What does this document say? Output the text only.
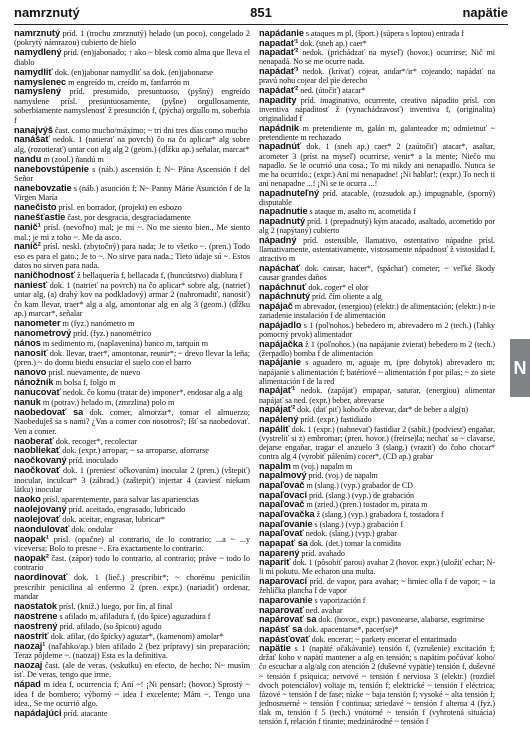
namrznutý	851	napätie

namrznutý príd. 1 (trochu zmrznutý) helado (un poco), congelado 2 (pokrytý námrazou) cubierto de hielo

namydlený príd. (en)jabonado; ↑ ako ~ blesk como alma que lleva el diablo

namydliť dok. (en)jabonar namydliť sa dok. (en)jabonarse

namyslenec m engreído m, creído m, fanfarrón m

namyslený príd. presumido, presuntuoso, (pyšný) engreído namyslene prísl. presuntuosamente, (pyšne) orgullosamente, soberbiamente namyslenosť ž presunción f, (pýcha) orgullo m, soberbia f

nanajvýš čast. como mucho/máximo; ~ tri dni tres días como mucho

nanášať nedok. 1 (natierať na povrch) čo na čo aplicar* alg sobre alg, (rozotierať) untar con alg alg 2 (geom.) (dĺžku ap.) señalar, marcar*

nandu m (zool.) ñandú m

nanebovstúpenie s (náb.) ascensión f; N~ Pána Ascensión f del Señor

nanebovzatie s (náb.) asunción f; N~ Panny Márie Asunción f de la Virgen María

nanečisto prísl. en borrador, (projekt) en esbozo

nanešťastie čast. por desgracia, desgraciadamente

nanič¹ prísl. (nevoľno) mal; je mi ~. No me siento bien., Me siento mal.; je mi z toho ~. Me da asco.

nanič² prísl. neskl. (zbytočný) para nada; Je to všetko ~. (pren.) Todo eso es para el gato.; Je to ~. No sirve para nada.; Tieto údaje sú ~. Estos datos no sirven para nada.

naničhodnosť ž bellaquería f, bellacada f, (huncútstvo) diablura f

naniesť dok. 1 (natrieť na povrch) na čo aplicar* sobre alg, (natrieť) untar alg, (a) drahý kov na podkladový) armar 2 (nahromadiť, nanosiť) čo kam llevar, traer* alg a alg, amontonar alg en alg 3 (geom.) (dĺžku ap.) marcar*, señalar

nanometer m (fyz.) nanómetro m

nanometrový príd. (fyz.) nanométrico

nános m sedimento m, (naplavenina) banco m, tarquín m

nanosiť dok. llevar, traer*, amontonar, reunir*; ~ drevo llevar la leña; (pren.) ~ do domu biedu ensuciar el suelo con el barro

nanovo prísl. nuevamente, de nuevo

nánožník m bolsa f, folgo m

nanucovať nedok. čo komu (tratar de) imponer*, endosar alg a alg

nanuk m (potrav.) helado m, (zmrzlina) polo m

naobedovať sa dok. comer, almorzar*, tomar el almuerzo; Naobeduješ sa s nami? ¿Vas a comer con nosotros?; Išť sa naobedovať. Ven a comer.

naoberať dok. recoger*, recolectar

naobliekať dok. (expr.) arropar; ~ sa arroparse, aforrarse

naočkovaný príd. inoculado

naočkovať dok. 1 (preniesť očkovaním) inocular 2 (pren.) (vštepiť) inocular, inculcar* 3 (záhrad.) (zaštepiť) injertar 4 (zaviesť niekam látku) inocular

naoko prísl. aparentemente, para salvar las apariencias

naolejovaný príd. aceitado, engrasado, lubricado

naolejovať dok. aceitar, engrasar, lubricar*

naondulovať dok. ondular

naopak¹ prísl. (opačne) al contrario, de lo contrario; ...a ~ ...y viceversa; Bolo to presne ~. Era exactamente lo contrario.

naopak² čast. (zápor) todo lo contrario, al contrario; práve ~ todo lo contrario

naordinovať dok. 1 (lieč.) prescribir*; ~ chorému penicilín prescribir penicilina al enfermo 2 (pren. expr.) (nariadiť) ordenar, mandar

naostatok prísl. (kniž.) luego, por fin, al final

naostrene s afilado m, afiladura f, (do špice) aguzadura f

naostrený príd. afilado, (so špicou) agudo

naostriť dok. afilar, (do špicky) aguzar*, (kamenom) amolar*

naozaj¹ (naľahko/ap.) bien afilado 2 (bez prípravy) sin preparación; Teraz pôjdeme ~. (naozaj) Esta es la definitiva.

naozaj čast. (ale de veras, (vskutku) en efecto, de hecho; N~ musím ísť. De veras, tengo que irme.

nápad m idea f, ocurrencia f; Aní ~! ¡Ni pensar!; (hovor.) Sprostý ~ idea f de bombero; výborný ~ idea f excelente; Mám ~. Tengo una idea., Se me ocurrió algo.

napádajúci príd. atacante

napádanie s ataques m pl, (šport.) (súpera s loptou) entrada f

napadať¹ dok. (sneh ap.) caer*

napadať² nedok. (prichádzať na myseľ) (hovor.) ocurrirse; Nič mi nenapadá. No se me ocurre nada.

napádať³ nedok. (krívať) cojear, andar*/ir* cojeando; napádať na pravú nohu cojear del pie derecho

napádať² ned. (útočiť) atacar*

napadíty príd. imaginativo, ocurrente, creativo nápadito prísl. con inventiva nápaditosť ž (vynachádzavosť) inventiva f, (originalita) originalidad f

napádnik m pretendiente m, galán m, galanteador m; odmietnuť ~ pretendiente m rechazado

napadnúť dok. 1 (sneh ap.) caer* 2 (zaútočiť) atacar*, asaltar, acometer 3 (príst na myseľ) ocurrirse, venir* a la mente; Niečo mu napadlo. Se le ocurrió una cosa.; To mi nikdy ani nenapadlo. Nunca se me ha ocurrido.; (expr.) Ani mi nenapadne! ¡Ni hablar!; (expr.) To nech ti ani nenapadne ...! ¡Ni se te ocurra ...!

napadnuteľný príd. atacable, (rozsudok ap.) impugnable, (sporný) disputable

napadnutie s ataque m, asalto m, acometida f

napadnutý príd. 1 (prepadnutý) kým atacado, asaltado, acometido por alg 2 (napýtaný) cubierto

nápadný príd. ostensible, llamativo, ostentativo nápadne prísl. llamativamente, ostentativamente, vistosamente nápadnosť ž vistosidad f, atractivo m

napáchať dok. causar, hacer*, (spáchať) cometer; ~ veľké škody causar grandes daños

napáchnuť dok. coger* el olor

napáchnutý príd. čím oliente a alg

napájač m abrevador, (energiou) (elektr.) de alimentación; (elektr.) n-ie zariadenie instalación f de alimentación

napájadlo s 1 (pol'nohos.) bebedero m, abrevadero m 2 (tech.) (ľahky pomocný prvok) alimentador

napájačka ž 1 (poľnohos.) (na napájanie zvierat) bebedero m 2 (tech.) (žerpadlo) bomba f de alimentación

napájanie s aguadero m, aguaje m, (pre dobytok) abrevadero m; napájanie s alimentación f; batériové ~ alimentación f por pilas; ~ zo siete alimentación f de la red

napájať¹ nedok. (zapájať) empapar, saturar, (energiou) alimentar napájať sa ned. (expr.) beber, abrevarse

napájať² dok. (dať piť) koho/čo abrevar, dar* de beber a alg(n)

napálený príd. (expr.) fastidiado

napáliť dok. 1 (expr.) (nahnevať) fastidiar 2 (sabít.) (podviesť) engañar, (vystreliť si z) embromar; (pren. hovor.) (freirse)la; nechať sa ~ clavarse, dejarse engañar, tragar el anzuelo 3 (slang.) (vraziť) do čoho chocar* contra alg 4 (vyrobiť pálením) cocer*, (CD ap.) grabar

napalm m (voj.) napalm m

napalmový príd. (voj.) de napalm

napaľovač m (slang.) (vyp.) grabador de CD

napaľovací príd. (slang.) (vyp.) de grabación

napaľovač m (zried.) (pren.) tostador m, pirata m

napaľovačka ž (slang.) (vyp.) grabadora f, tostadora f

napaľovanie s (slang.) (vyp.) grabación f

napaľovať nedok. (slang.) (vyp.) grabar

napapať sa dok. (det.) tomar la comidita

naparený príd. avahado

napariť dok. 1 (pôsobiť parou) avahar 2 (hovor. expr.) (uložiť echar; N-li mi pokutu. Me echaron una multa.

naparovací príd. de vapor, para avahar; ~ hrniec olla f de vapor; ~ ia žehlička plancha f de vapor

naparovanie s vaporización f

naparovať ned. avahar

napárovať sa dok. (hovor., expr.) pavonearse, alabarse, esgrimirse

napásť sa dok. apacentarse*, pacer(se)*

napásťovať dok. encerar; ~ parkety encerar el entarimado

napätie s 1 (napäté očakávanie) tensión f, (vzrušenie) excitación f; držať koho v napätí mantener a alg en tensión; s napätím počúvať koho/čo escuchar a alg/alg con atención 2 (duševné vypätie) tensión f, duševné ~ tensión f psíquica; nervové ~ tensión f nerviosa 3 (elektr.) (rozdiel dvoch potenciálov) voltaje m, tensión f; elektrické ~ tensión f eléctrica; fázové ~ tensión f de fase; nízke ~ baja tensión f; vysoké ~ alta tensión f; jednosmerné ~ tensión f continua; striedavé ~ tensión f alterna 4 (fyz.) tlak m, tensión f 5 (tech.) vnútorné ~ tensión f (vyhrotená situácia) tensión f, relación f tirante; medzinárodné ~ tensión f

N
